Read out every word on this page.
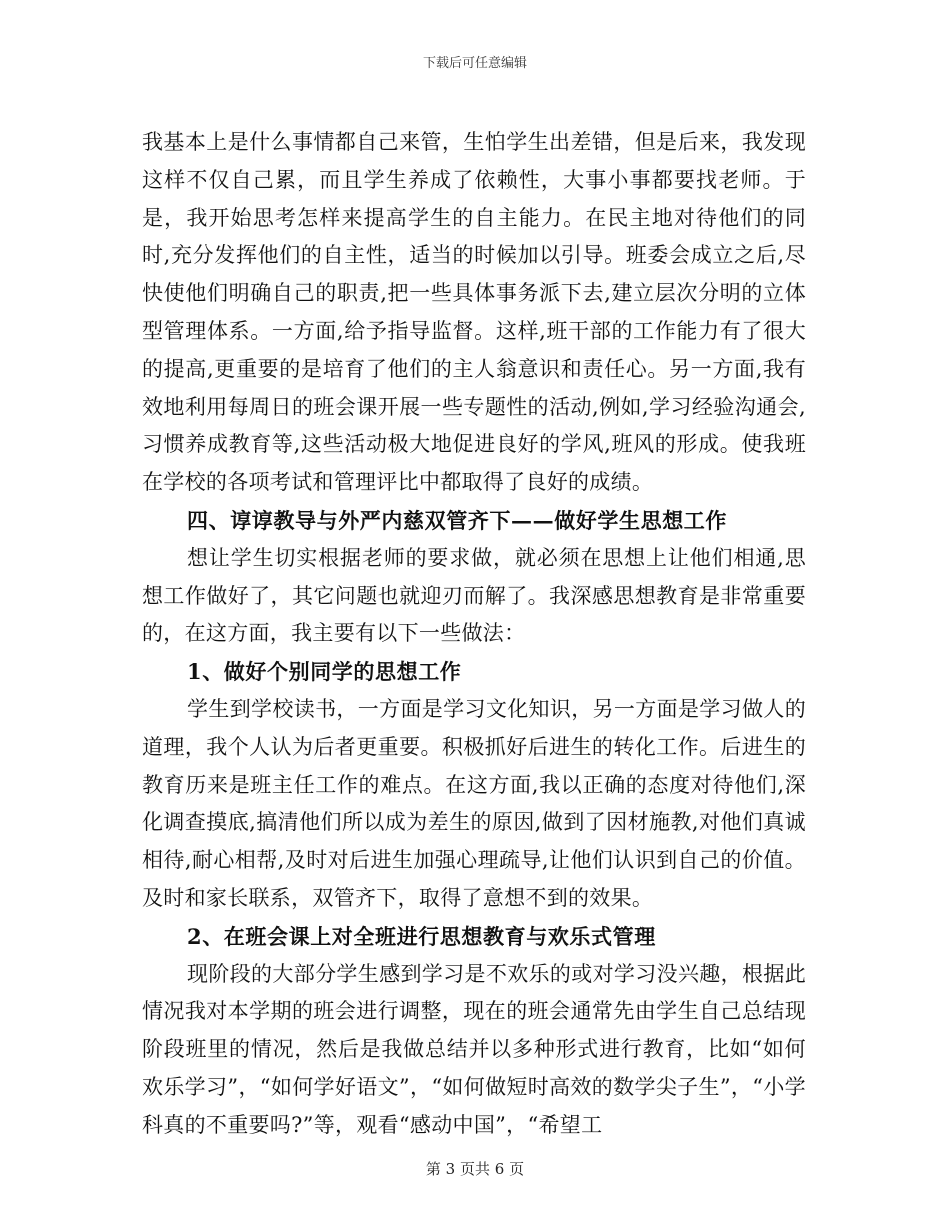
下载后可任意编辑

我基本上是什么事情都自己来管，生怕学生出差错，但是后来，我发现这样不仅自己累，而且学生养成了依赖性，大事小事都要找老师。于是，我开始思考怎样来提高学生的自主能力。在民主地对待他们的同时,充分发挥他们的自主性，适当的时候加以引导。班委会成立之后,尽快使他们明确自己的职责,把一些具体事务派下去,建立层次分明的立体型管理体系。一方面,给予指导监督。这样,班干部的工作能力有了很大的提高,更重要的是培育了他们的主人翁意识和责任心。另一方面,我有效地利用每周日的班会课开展一些专题性的活动,例如,学习经验沟通会,习惯养成教育等,这些活动极大地促进良好的学风,班风的形成。使我班在学校的各项考试和管理评比中都取得了良好的成绩。

四、谆谆教导与外严内慈双管齐下——做好学生思想工作

想让学生切实根据老师的要求做，就必须在思想上让他们相通,思想工作做好了，其它问题也就迎刃而解了。我深感思想教育是非常重要的，在这方面，我主要有以下一些做法：

1、做好个别同学的思想工作

学生到学校读书，一方面是学习文化知识，另一方面是学习做人的道理，我个人认为后者更重要。积极抓好后进生的转化工作。后进生的教育历来是班主任工作的难点。在这方面,我以正确的态度对待他们,深化调查摸底,搞清他们所以成为差生的原因,做到了因材施教,对他们真诚相待,耐心相帮,及时对后进生加强心理疏导,让他们认识到自己的价值。及时和家长联系，双管齐下，取得了意想不到的效果。

2、在班会课上对全班进行思想教育与欢乐式管理

现阶段的大部分学生感到学习是不欢乐的或对学习没兴趣，根据此情况我对本学期的班会进行调整，现在的班会通常先由学生自己总结现阶段班里的情况，然后是我做总结并以多种形式进行教育，比如“如何欢乐学习”，“如何学好语文”，“如何做短时高效的数学尖子生”，“小学科真的不重要吗?”等，观看“感动中国”，“希望工

第 3 页共 6 页
